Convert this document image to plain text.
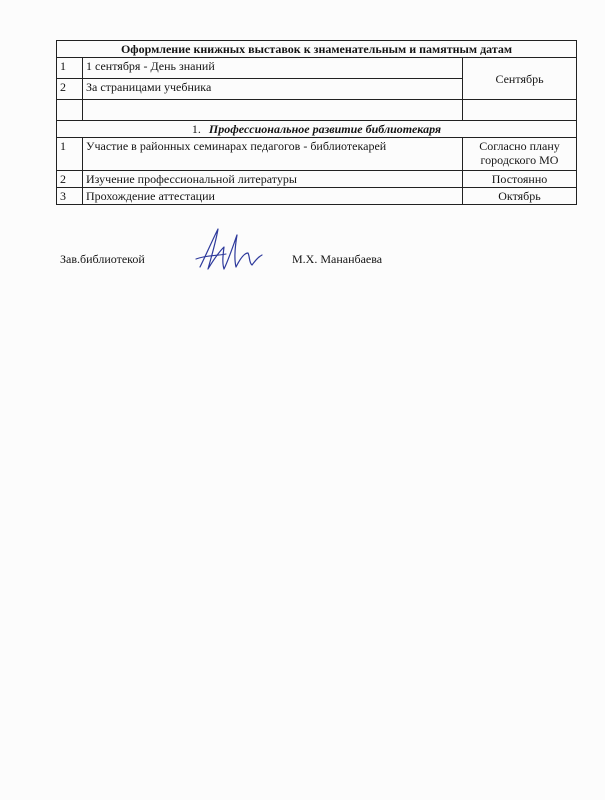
Оформление книжных выставок к знаменательным и памятным датам		
1	1 сентября - День знаний	Сентябрь
2	За страницами учебника	

1. Профессиональное развитие библиотекаря		
1	Участие в районных семинарах педагогов - библиотекарей	Согласно плану городского МО
2	Изучение профессиональной литературы	Постоянно
3	Прохождение аттестации	Октябрь
Зав.библиотекой	М.Х. Мананбаева
